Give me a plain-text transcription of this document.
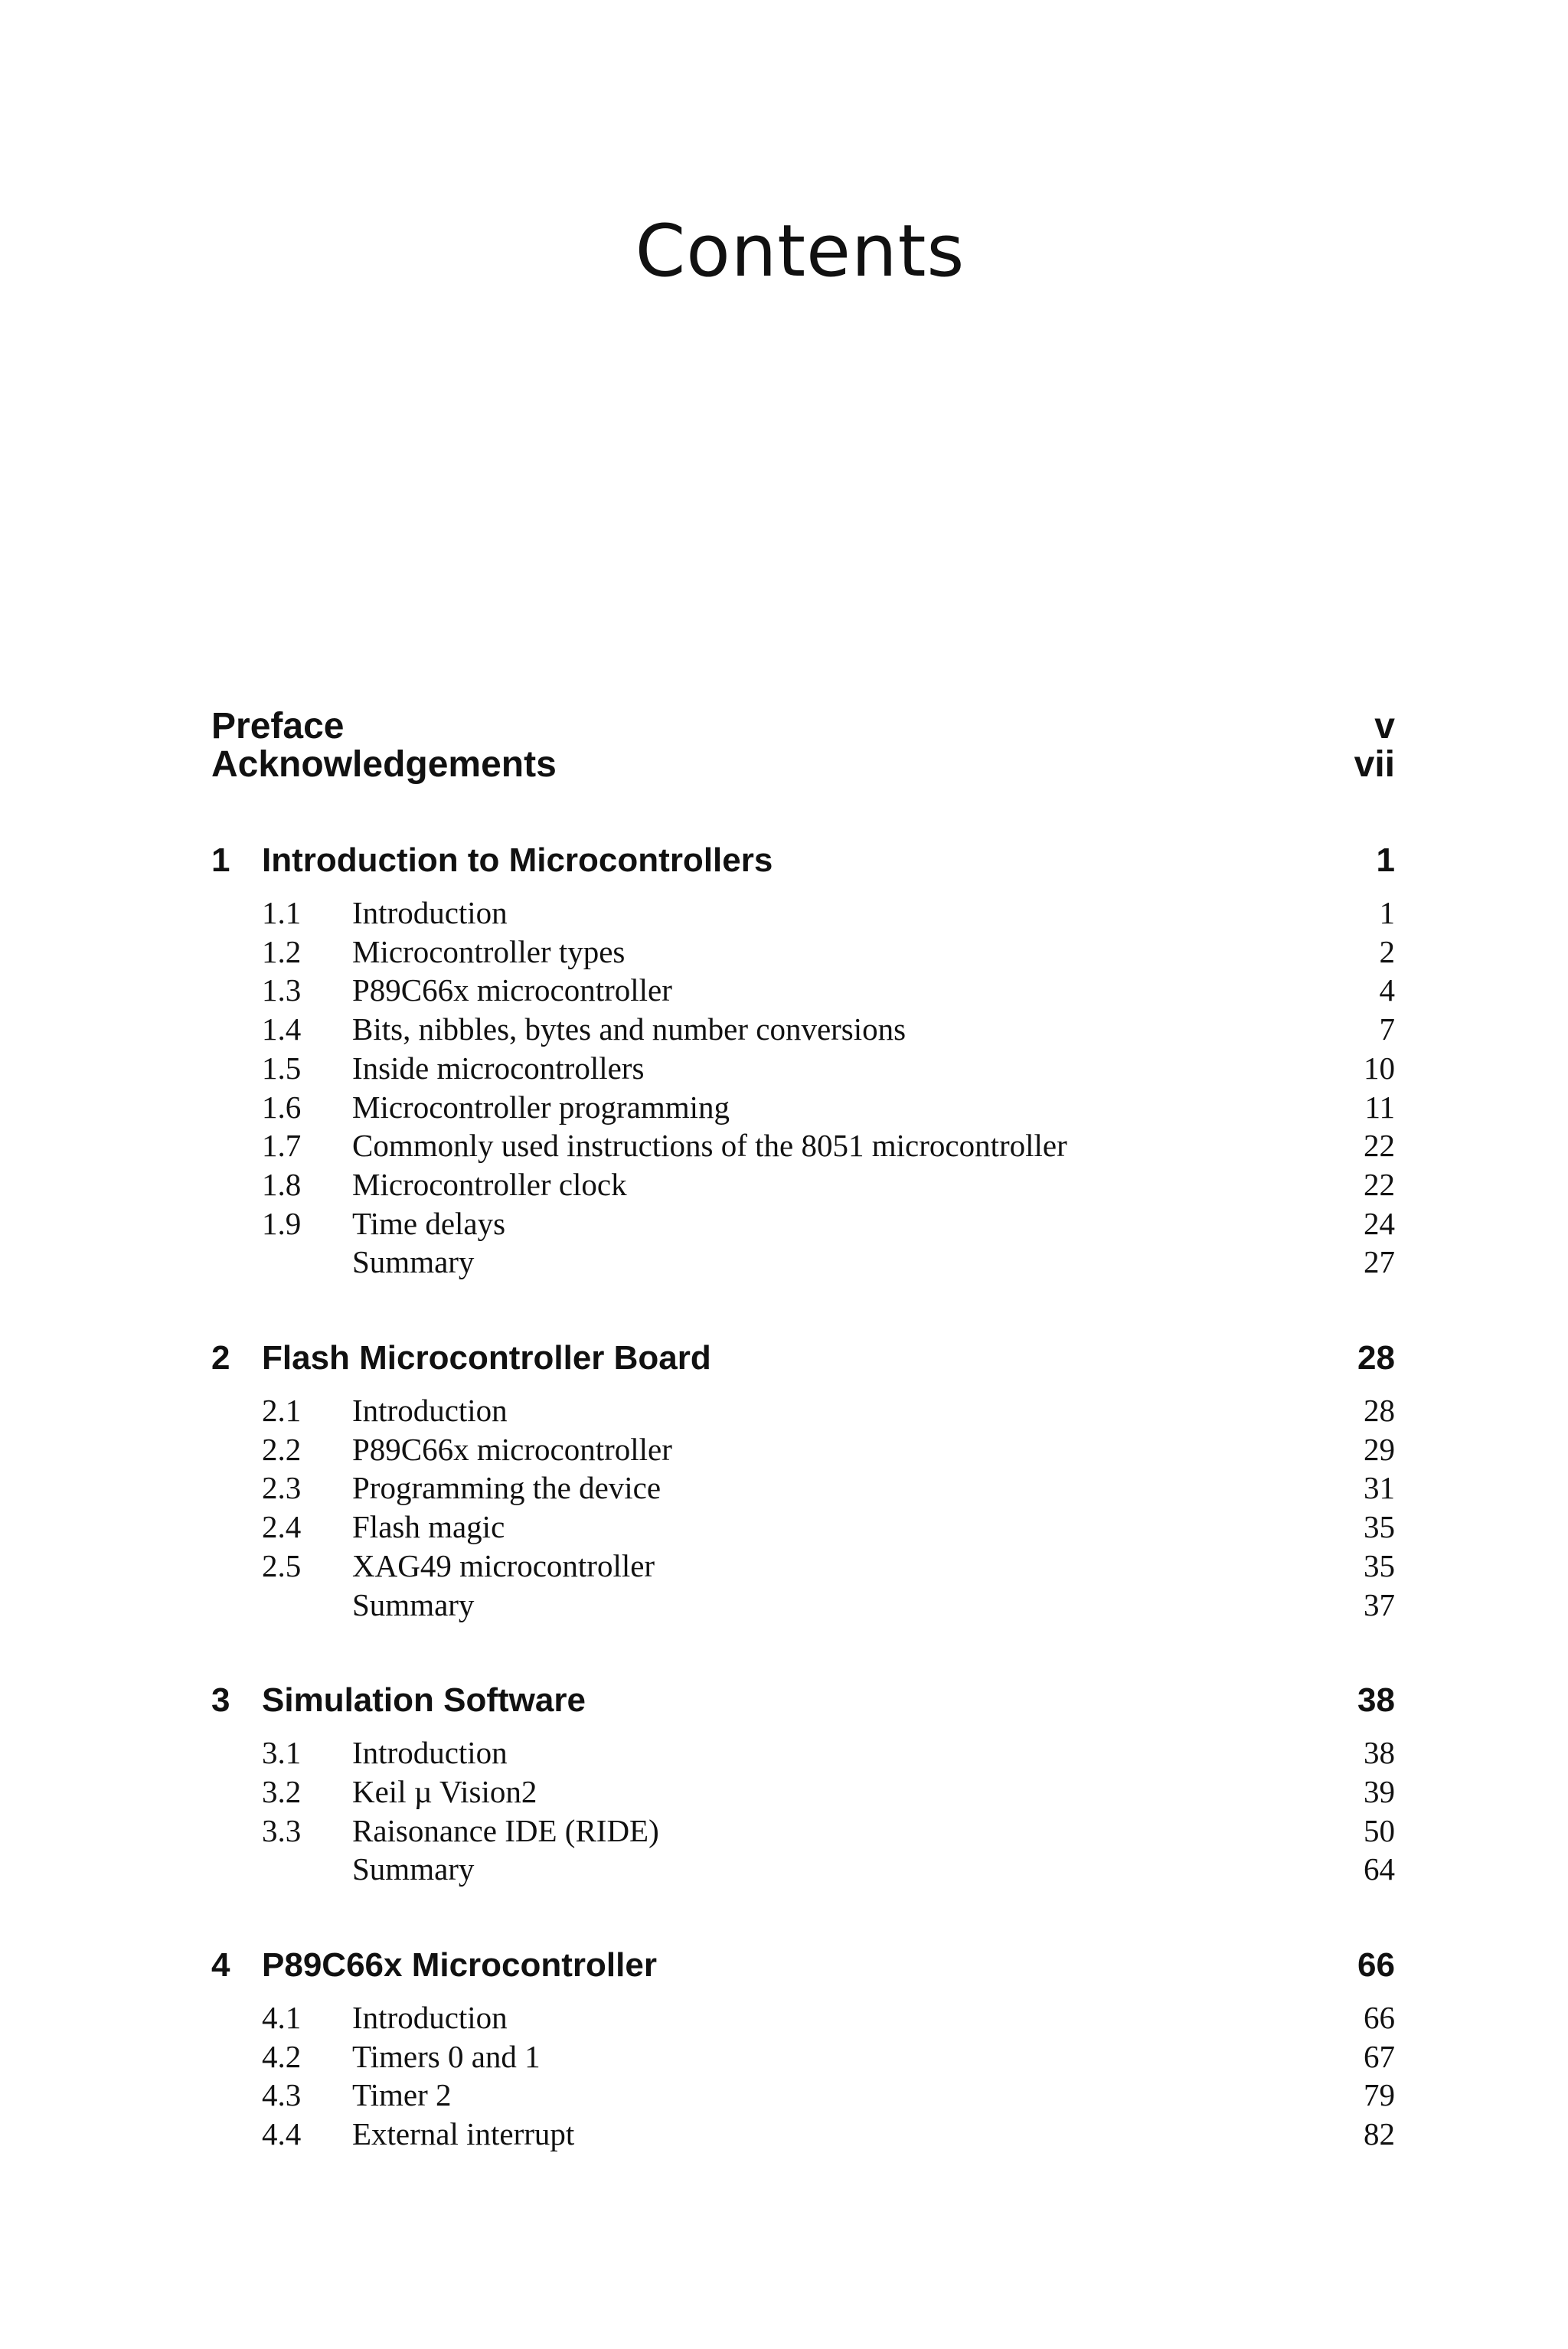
Contents
Preface	v
Acknowledgements	vii
1 Introduction to Microcontrollers	1
1.1	Introduction	1
1.2	Microcontroller types	2
1.3	P89C66x microcontroller	4
1.4	Bits, nibbles, bytes and number conversions	7
1.5	Inside microcontrollers	10
1.6	Microcontroller programming	11
1.7	Commonly used instructions of the 8051 microcontroller	22
1.8	Microcontroller clock	22
1.9	Time delays	24
Summary	27
2 Flash Microcontroller Board	28
2.1	Introduction	28
2.2	P89C66x microcontroller	29
2.3	Programming the device	31
2.4	Flash magic	35
2.5	XAG49 microcontroller	35
Summary	37
3 Simulation Software	38
3.1	Introduction	38
3.2	Keil µ Vision2	39
3.3	Raisonance IDE (RIDE)	50
Summary	64
4 P89C66x Microcontroller	66
4.1	Introduction	66
4.2	Timers 0 and 1	67
4.3	Timer 2	79
4.4	External interrupt	82
